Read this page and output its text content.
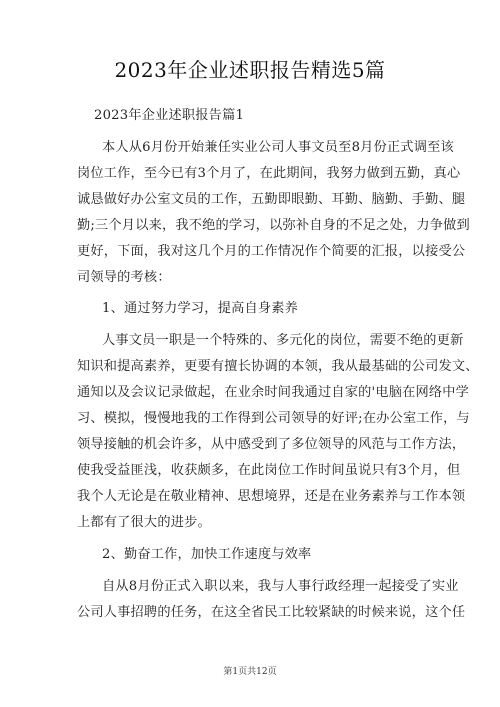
2023年企业述职报告精选5篇
2023年企业述职报告篇1
本人从6月份开始兼任实业公司人事文员至8月份正式调至该
岗位工作，至今已有3个月了，在此期间，我努力做到五勤，真心
诚恳做好办公室文员的工作，五勤即眼勤、耳勤、脑勤、手勤、腿
勤;三个月以来，我不绝的学习，以弥补自身的不足之处，力争做到
更好，下面，我对这几个月的工作情况作个简要的汇报，以接受公
司领导的考核：
1、通过努力学习，提高自身素养
人事文员一职是一个特殊的、多元化的岗位，需要不绝的更新
知识和提高素养，更要有擅长协调的本领，我从最基础的公司发文、
通知以及会议记录做起，在业余时间我通过自家的'电脑在网络中学
习、模拟，慢慢地我的工作得到公司领导的好评;在办公室工作，与
领导接触的机会许多，从中感受到了多位领导的风范与工作方法，
使我受益匪浅，收获颇多，在此岗位工作时间虽说只有3个月，但
我个人无论是在敬业精神、思想境界，还是在业务素养与工作本领
上都有了很大的进步。
2、勤奋工作，加快工作速度与效率
自从8月份正式入职以来，我与人事行政经理一起接受了实业
公司人事招聘的任务，在这全省民工比较紧缺的时候来说，这个任
第1页共12页
